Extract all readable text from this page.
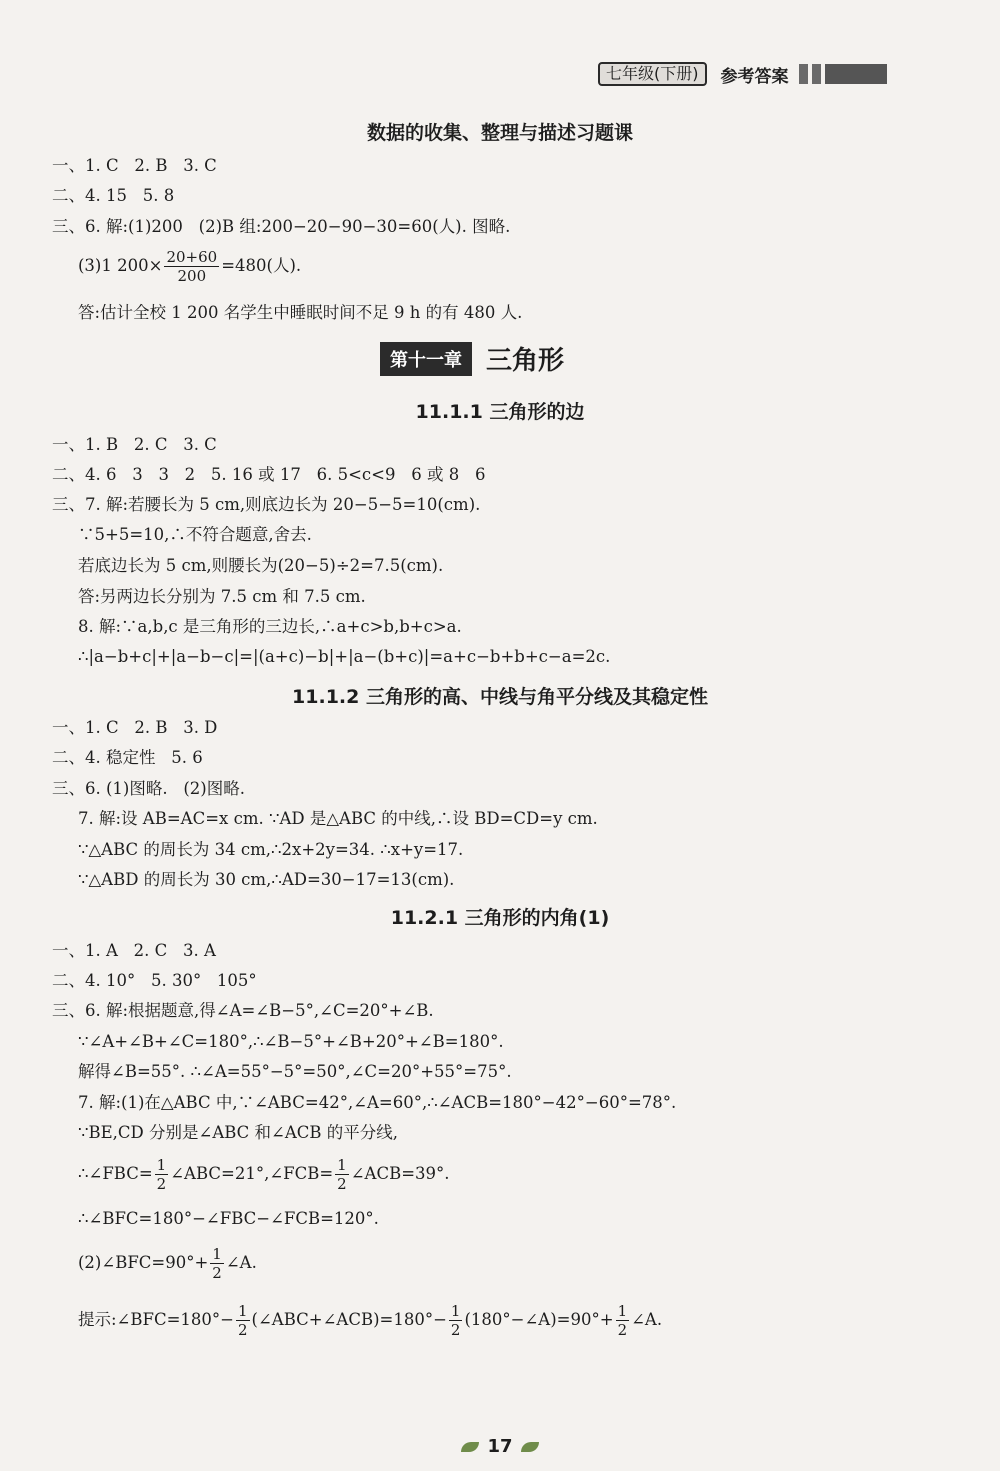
七年级(下册)	参考答案
数据的收集、整理与描述习题课
一、1. C   2. B   3. C
二、4. 15   5. 8
三、6. 解:(1)200   (2)B 组:200−20−90−30=60(人). 图略.
(3)1 $200\times \frac{20+60}{200} =480$(人).
答:估计全校 1 200 名学生中睡眠时间不足 9 h 的有 480 人.
第十一章 三角形
11.1.1 三角形的边
一、1. B   2. C   3. C
二、4. 6   3   3   2   5. 16 或 17   6. 5<c<9   6 或 8   6
三、7. 解:若腰长为 5 cm,则底边长为 20−5−5=10(cm).
∵5+5=10,∴不符合题意,舍去.
若底边长为 5 cm,则腰长为(20−5)÷2=7.5(cm).
答:另两边长分别为 7.5 cm 和 7.5 cm.
8. 解:∵a,b,c 是三角形的三边长,∴a+c>b,b+c>a.
∴|a−b+c|+|a−b−c|=|(a+c)−b|+|a−(b+c)|=a+c−b+b+c−a=2c.
11.1.2 三角形的高、中线与角平分线及其稳定性
一、1. C   2. B   3. D
二、4. 稳定性   5. 6
三、6. (1)图略.   (2)图略.
7. 解:设 AB=AC=x cm. ∵AD 是△ABC 的中线,∴设 BD=CD=y cm.
∵△ABC 的周长为 34 cm,∴2x+2y=34. ∴x+y=17.
∵△ABD 的周长为 30 cm,∴AD=30−17=13(cm).
11.2.1 三角形的内角(1)
一、1. A   2. C   3. A
二、4. 10°   5. 30°   105°
三、6. 解:根据题意,得∠A=∠B−5°,∠C=20°+∠B.
∵∠A+∠B+∠C=180°,∴∠B−5°+∠B+20°+∠B=180°.
解得∠B=55°. ∴∠A=55°−5°=50°,∠C=20°+55°=75°.
7. 解:(1)在△ABC 中,∵∠ABC=42°,∠A=60°,∴∠ACB=180°−42°−60°=78°.
∵BE,CD 分别是∠ABC 和∠ACB 的平分线,
∴∠FBC= $\frac{1}{2}$ ∠ABC=21°,∠FCB= $\frac{1}{2}$ ∠ACB=39°.
∴∠BFC=180°−∠FBC−∠FCB=120°.
(2)∠BFC=90°+ $\frac{1}{2}$ ∠A.
提示:∠BFC=180°− $\frac{1}{2}$ (∠ABC+∠ACB)=180°− $\frac{1}{2}$ (180°−∠A)=90°+ $\frac{1}{2}$ ∠A.
17
